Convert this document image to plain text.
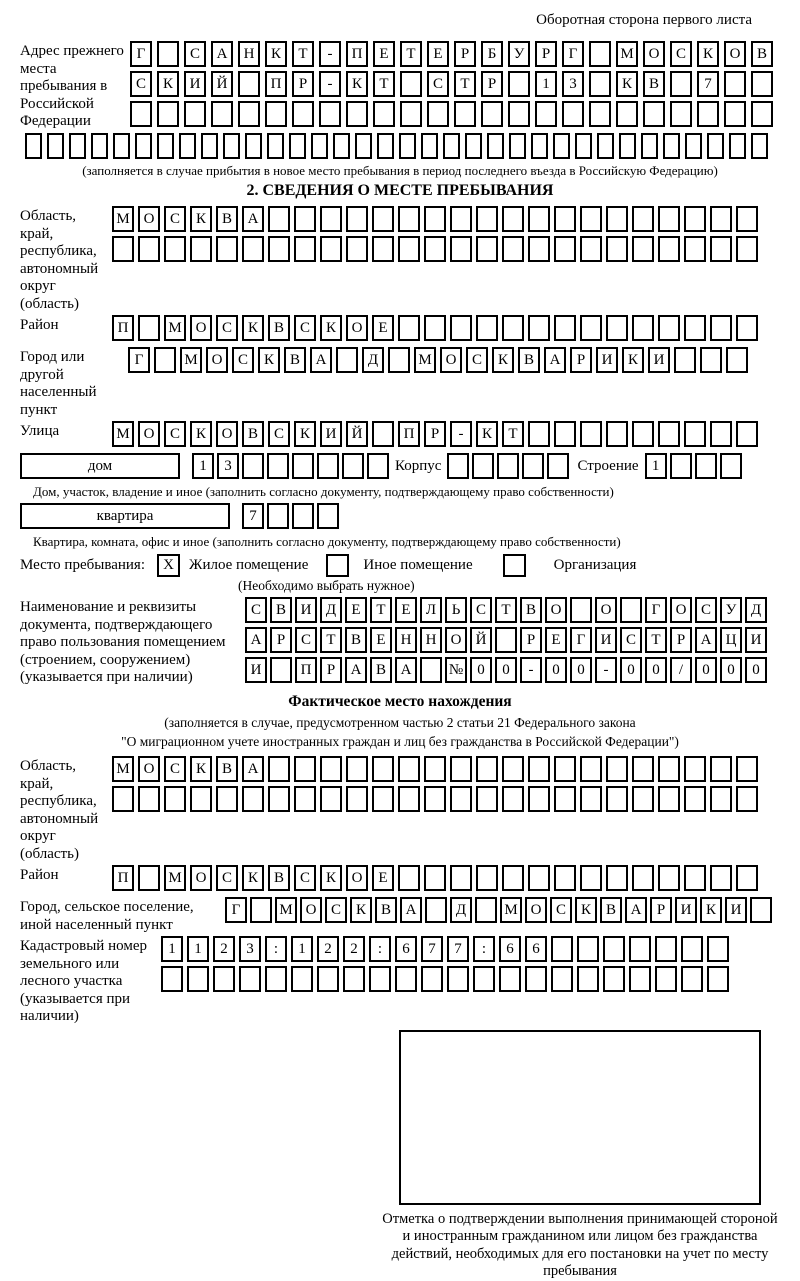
Оборотная сторона первого листа
Адрес прежнего места пребывания в Российской Федерации
Г	С	А	Н	К	Т	-	П	Е	Т	Е	Р	Б	У	Р	Г	М О	С	К	О	В
С	К	И	Й	П	Р	-	К	Т	С	Т	Р	1	3	К	В	7
(заполняется в случае прибытия в новое место пребывания в период последнего въезда в Российскую Федерацию)
2. СВЕДЕНИЯ О МЕСТЕ ПРЕБЫВАНИЯ
Область, край, республика, автономный округ (область)
М О	С	К	В	А
Район	П	М О	С	К	В	С	К	О	Е
Город или другой населенный пункт
Г	М О	С	К	В	А	Д	М О	С	К	В	А	Р	И	К	И
Улица	М О	С	К	О	В	С	К	И	Й	П	Р	-	К	Т
дом	1	3	Корпус	Строение 1
Дом, участок, владение и иное (заполнить согласно документу, подтверждающему право собственности)
квартира	7
Квартира, комната, офис и иное (заполнить согласно документу, подтверждающему право собственности)
Место пребывания:	X	Жилое помещение	Иное помещение	Организация
(Необходимо выбрать нужное)
Наименование и реквизиты документа, подтверждающего право пользования помещением (строением, сооружением) (указывается при наличии)
С В И Д	Е	Т	Е	Л	Ь	С	Т	В О	О	Г	О С У Д
А	Р	С	Т	В	Е	Н Н О Й	Р	Е	Г	И С	Т	Р	А Ц И
И	П	Р	А В А	№ 0	0	-	0	0	-	0	0	/	0	0	0
Фактическое место нахождения
(заполняется в случае, предусмотренном частью 2 статьи 21 Федерального закона
"О миграционном учете иностранных граждан и лиц без гражданства в Российской Федерации")
Область, край, республика, автономный округ (область)
М О	С	К	В	А
Район	П	М О	С	К	В	С	К	О	Е
Город, сельское поселение, иной населенный пункт
Г	М О С К В А	Д	М О С К В А	Р	И К И
Кадастровый номер земельного или лесного участка (указывается при наличии)
1	1	2	3	:	1	2	2	:	6	7	7	:	6	6
Отметка о подтверждении выполнения принимающей стороной и иностранным гражданином или лицом без гражданства действий, необходимых для его постановки на учет по месту пребывания
